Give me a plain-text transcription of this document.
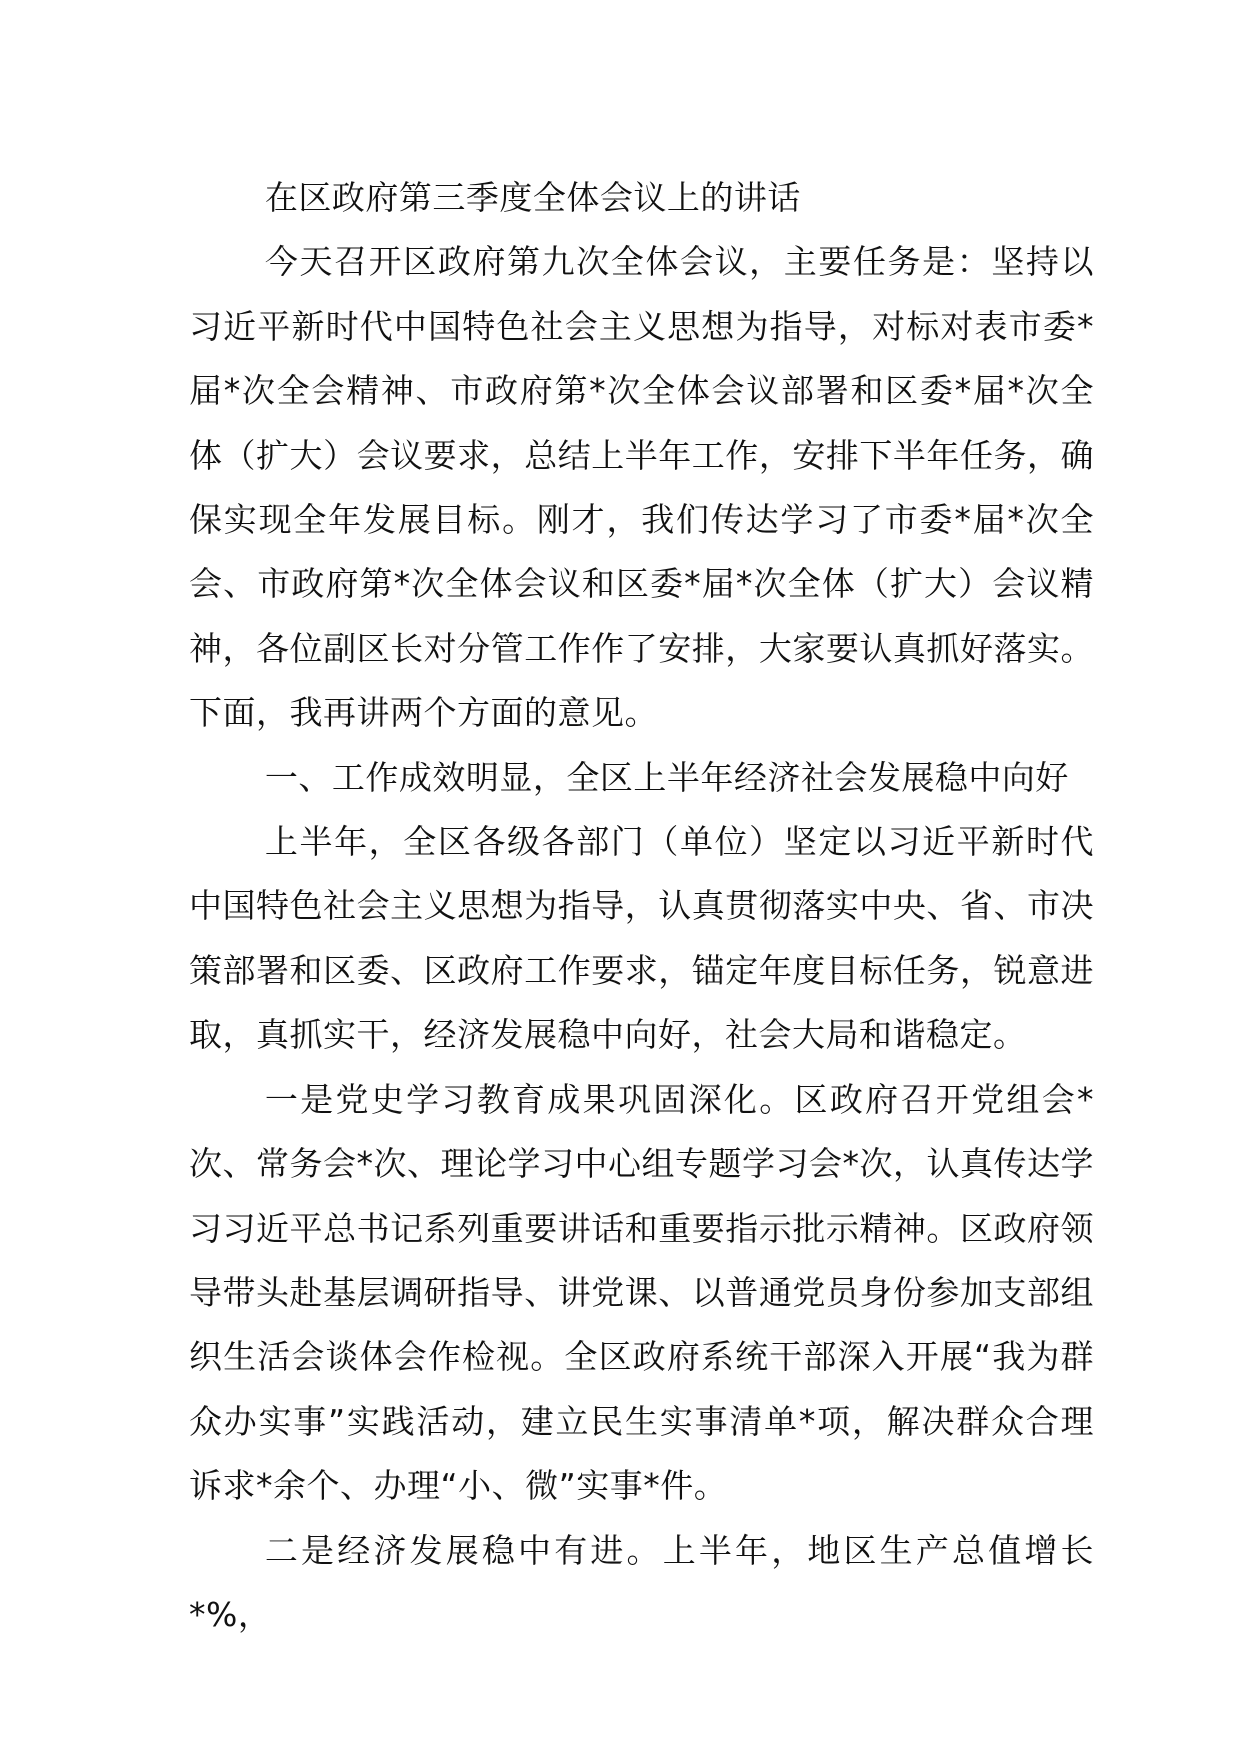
在区政府第三季度全体会议上的讲话

今天召开区政府第九次全体会议，主要任务是：坚持以习近平新时代中国特色社会主义思想为指导，对标对表市委*届*次全会精神、市政府第*次全体会议部署和区委*届*次全体（扩大）会议要求，总结上半年工作，安排下半年任务，确保实现全年发展目标。刚才，我们传达学习了市委*届*次全会、市政府第*次全体会议和区委*届*次全体（扩大）会议精神，各位副区长对分管工作作了安排，大家要认真抓好落实。下面，我再讲两个方面的意见。

一、工作成效明显，全区上半年经济社会发展稳中向好

上半年，全区各级各部门（单位）坚定以习近平新时代中国特色社会主义思想为指导，认真贯彻落实中央、省、市决策部署和区委、区政府工作要求，锚定年度目标任务，锐意进取，真抓实干，经济发展稳中向好，社会大局和谐稳定。

一是党史学习教育成果巩固深化。区政府召开党组会*次、常务会*次、理论学习中心组专题学习会*次，认真传达学习习近平总书记系列重要讲话和重要指示批示精神。区政府领导带头赴基层调研指导、讲党课、以普通党员身份参加支部组织生活会谈体会作检视。全区政府系统干部深入开展“我为群众办实事”实践活动，建立民生实事清单*项，解决群众合理诉求*余个、办理“小、微”实事*件。

二是经济发展稳中有进。上半年，地区生产总值增长*%，
